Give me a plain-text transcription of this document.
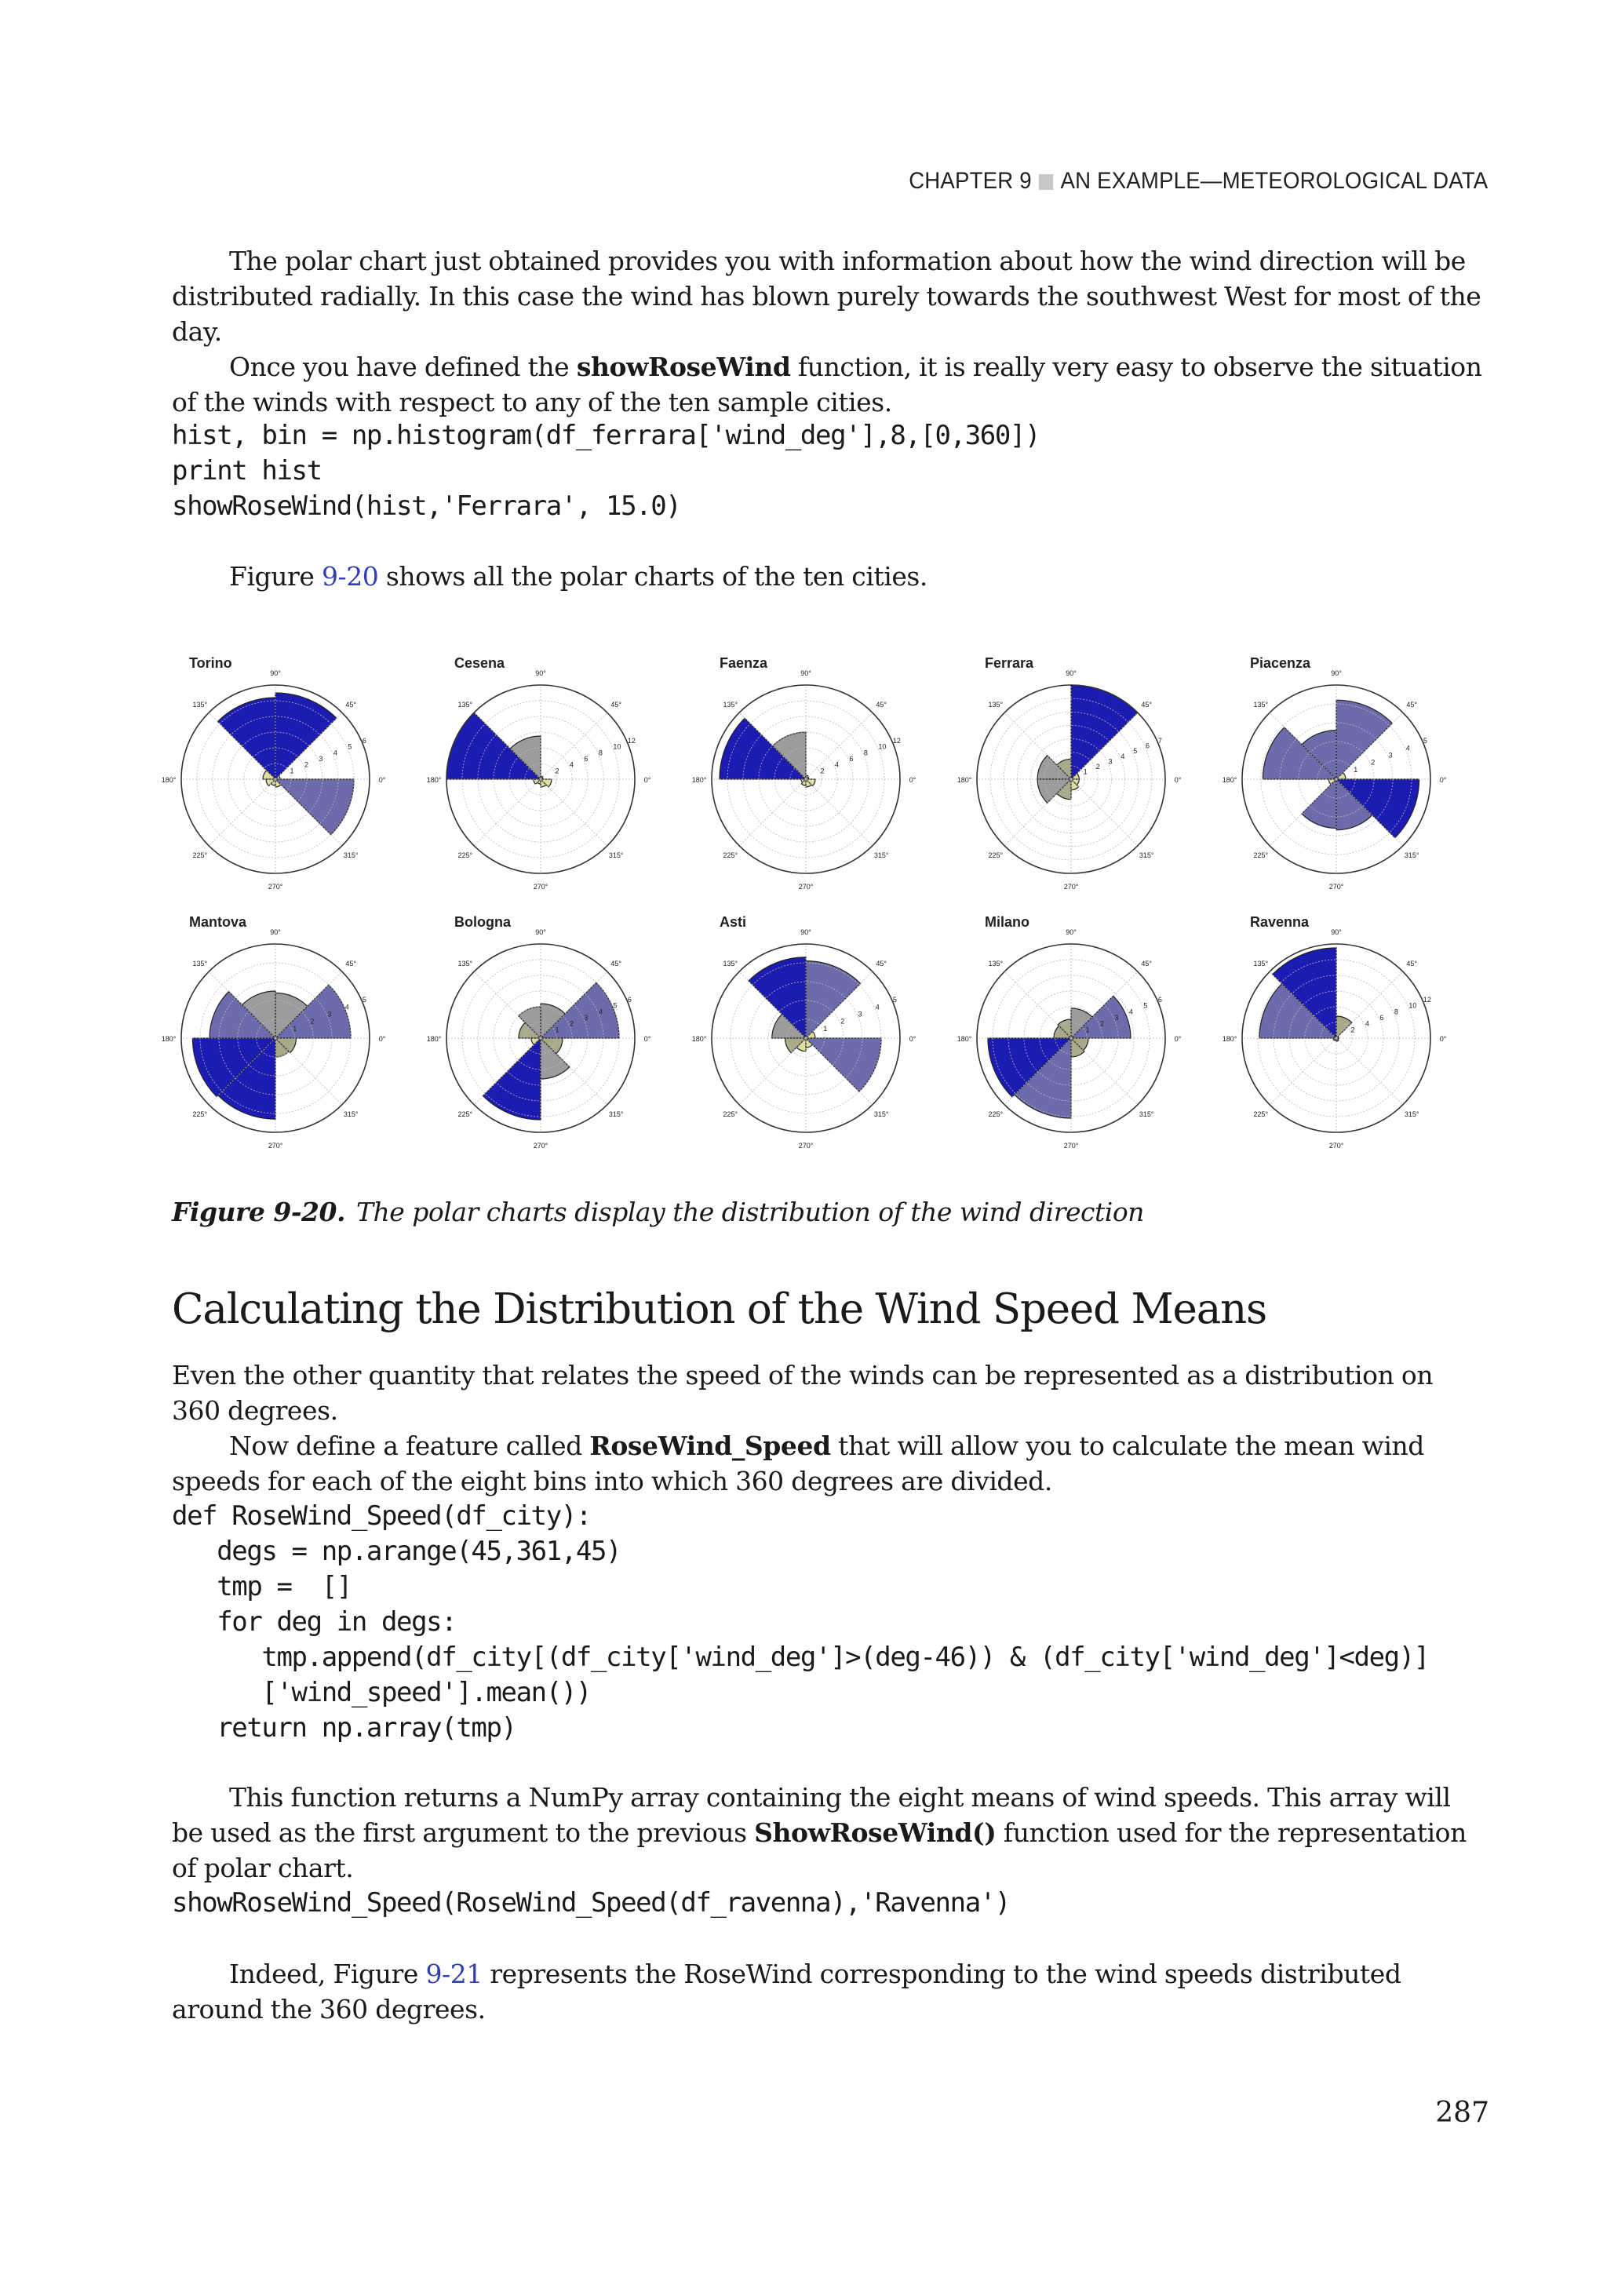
CHAPTER 9 AN EXAMPLE—METEOROLOGICAL DATA

The polar chart just obtained provides you with information about how the wind direction will be distributed radially. In this case the wind has blown purely towards the southwest West for most of the day.

Once you have defined the showRoseWind function, it is really very easy to observe the situation of the winds with respect to any of the ten sample cities.

hist, bin = np.histogram(df_ferrara['wind_deg'],8,[0,360])
print hist
showRoseWind(hist,'Ferrara', 15.0)

Figure 9-20 shows all the polar charts of the ten cities.

Torino
1
2
3
4
5
6
0°
45°
90°
135°
180°
225°
270°
315°
Cesena
2
4
6
8
10
12
0°
45°
90°
135°
180°
225°
270°
315°
Faenza
2
4
6
8
10
12
0°
45°
90°
135°
180°
225°
270°
315°
Ferrara
1
2
3
4
5
6
7
0°
45°
90°
135°
180°
225°
270°
315°
Piacenza
1
2
3
4
5
0°
45°
90°
135°
180°
225°
270°
315°
Mantova
1
2
3
4
5
0°
45°
90°
135°
180°
225°
270°
315°
Bologna
1
2
3
4
5
6
0°
45°
90°
135°
180°
225°
270°
315°
Asti
1
2
3
4
5
0°
45°
90°
135°
180°
225°
270°
315°
Milano
1
2
3
4
5
6
0°
45°
90°
135°
180°
225°
270°
315°
Ravenna
2
4
6
8
10
12
0°
45°
90°
135°
180°
225°
270°
315°
Figure 9-20. The polar charts display the distribution of the wind direction
Calculating the Distribution of the Wind Speed Means

Even the other quantity that relates the speed of the winds can be represented as a distribution on 360 degrees.

Now define a feature called RoseWind_Speed that will allow you to calculate the mean wind speeds for each of the eight bins into which 360 degrees are divided.

def RoseWind_Speed(df_city):
degs = np.arange(45,361,45)
tmp =  []
for deg in degs:
tmp.append(df_city[(df_city['wind_deg']>(deg-46)) & (df_city['wind_deg']<deg)]
['wind_speed'].mean())
return np.array(tmp)

This function returns a NumPy array containing the eight means of wind speeds. This array will be used as the first argument to the previous ShowRoseWind() function used for the representation of polar chart.

showRoseWind_Speed(RoseWind_Speed(df_ravenna),'Ravenna')

Indeed, Figure 9-21 represents the RoseWind corresponding to the wind speeds distributed around the 360 degrees.

287
